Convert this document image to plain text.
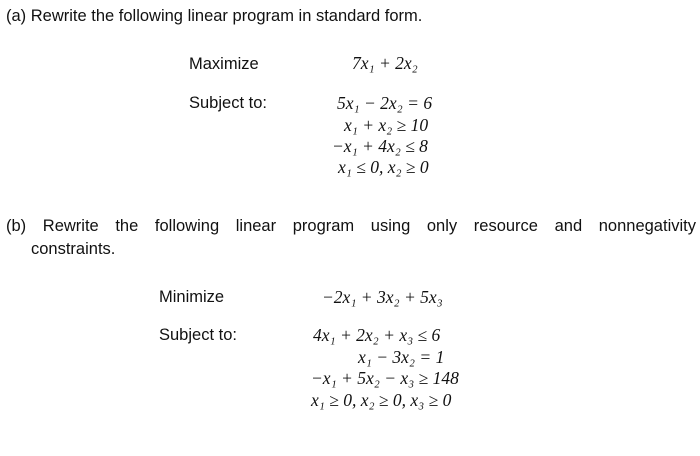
(a) Rewrite the following linear program in standard form.
Maximize	7x₁ + 2x₂
Subject to:	5x₁ − 2x₂ = 6
x₁ + x₂ ≥ 10
−x₁ + 4x₂ ≤ 8
x₁ ≤ 0, x₂ ≥ 0
(b) Rewrite the following linear program using only resource and nonnegativity
constraints.
Minimize	−2x₁ + 3x₂ + 5x₃
Subject to:	4x₁ + 2x₂ + x₃ ≤ 6
x₁ − 3x₂ = 1
−x₁ + 5x₂ − x₃ ≥ 148
x₁ ≥ 0, x₂ ≥ 0, x₃ ≥ 0
